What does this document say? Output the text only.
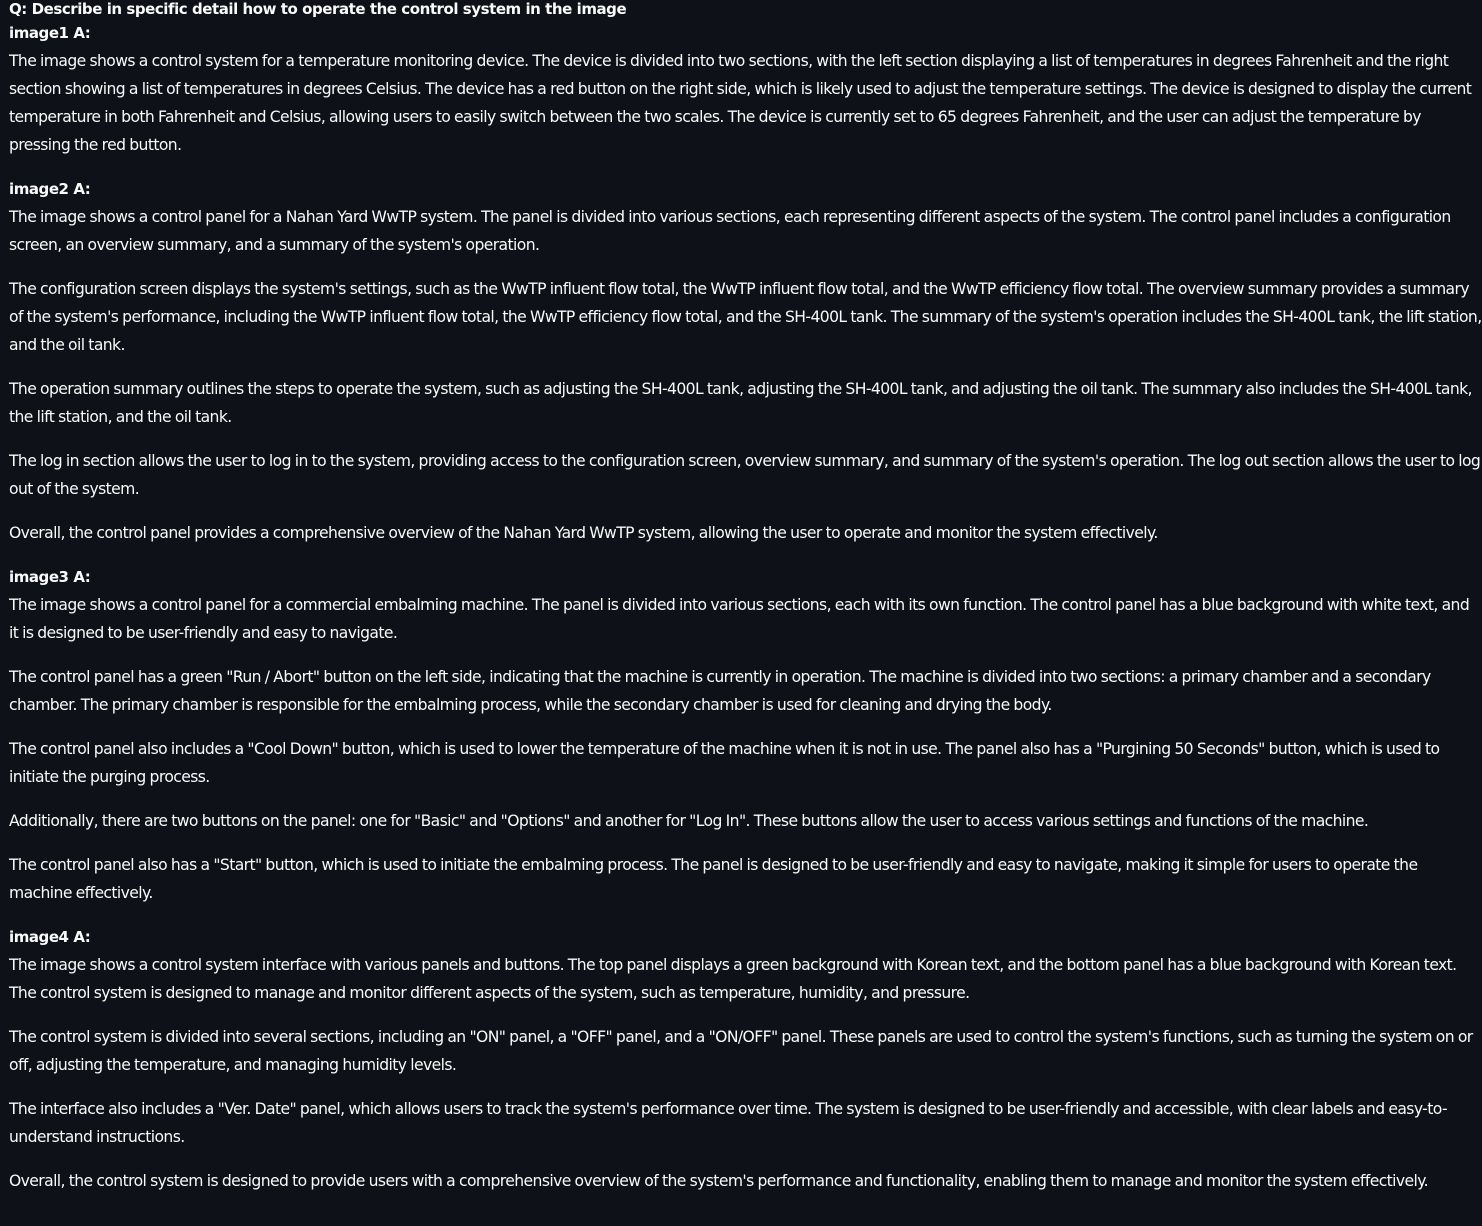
Q: Describe in specific detail how to operate the control system in the image

image1 A:

The image shows a control system for a temperature monitoring device. The device is divided into two sections, with the left section displaying a list of temperatures in degrees Fahrenheit and the right section showing a list of temperatures in degrees Celsius. The device has a red button on the right side, which is likely used to adjust the temperature settings. The device is designed to display the current temperature in both Fahrenheit and Celsius, allowing users to easily switch between the two scales. The device is currently set to 65 degrees Fahrenheit, and the user can adjust the temperature by pressing the red button.

image2 A:

The image shows a control panel for a Nahan Yard WwTP system. The panel is divided into various sections, each representing different aspects of the system. The control panel includes a configuration screen, an overview summary, and a summary of the system's operation.

The configuration screen displays the system's settings, such as the WwTP influent flow total, the WwTP influent flow total, and the WwTP efficiency flow total. The overview summary provides a summary of the system's performance, including the WwTP influent flow total, the WwTP efficiency flow total, and the SH-400L tank. The summary of the system's operation includes the SH-400L tank, the lift station, and the oil tank.

The operation summary outlines the steps to operate the system, such as adjusting the SH-400L tank, adjusting the SH-400L tank, and adjusting the oil tank. The summary also includes the SH-400L tank, the lift station, and the oil tank.

The log in section allows the user to log in to the system, providing access to the configuration screen, overview summary, and summary of the system's operation. The log out section allows the user to log out of the system.

Overall, the control panel provides a comprehensive overview of the Nahan Yard WwTP system, allowing the user to operate and monitor the system effectively.

image3 A:

The image shows a control panel for a commercial embalming machine. The panel is divided into various sections, each with its own function. The control panel has a blue background with white text, and it is designed to be user-friendly and easy to navigate.

The control panel has a green "Run / Abort" button on the left side, indicating that the machine is currently in operation. The machine is divided into two sections: a primary chamber and a secondary chamber. The primary chamber is responsible for the embalming process, while the secondary chamber is used for cleaning and drying the body.

The control panel also includes a "Cool Down" button, which is used to lower the temperature of the machine when it is not in use. The panel also has a "Purgining 50 Seconds" button, which is used to initiate the purging process.

Additionally, there are two buttons on the panel: one for "Basic" and "Options" and another for "Log In". These buttons allow the user to access various settings and functions of the machine.

The control panel also has a "Start" button, which is used to initiate the embalming process. The panel is designed to be user-friendly and easy to navigate, making it simple for users to operate the machine effectively.

image4 A:

The image shows a control system interface with various panels and buttons. The top panel displays a green background with Korean text, and the bottom panel has a blue background with Korean text. The control system is designed to manage and monitor different aspects of the system, such as temperature, humidity, and pressure.

The control system is divided into several sections, including an "ON" panel, a "OFF" panel, and a "ON/OFF" panel. These panels are used to control the system's functions, such as turning the system on or off, adjusting the temperature, and managing humidity levels.

The interface also includes a "Ver. Date" panel, which allows users to track the system's performance over time. The system is designed to be user-friendly and accessible, with clear labels and easy-to-understand instructions.

Overall, the control system is designed to provide users with a comprehensive overview of the system's performance and functionality, enabling them to manage and monitor the system effectively.
